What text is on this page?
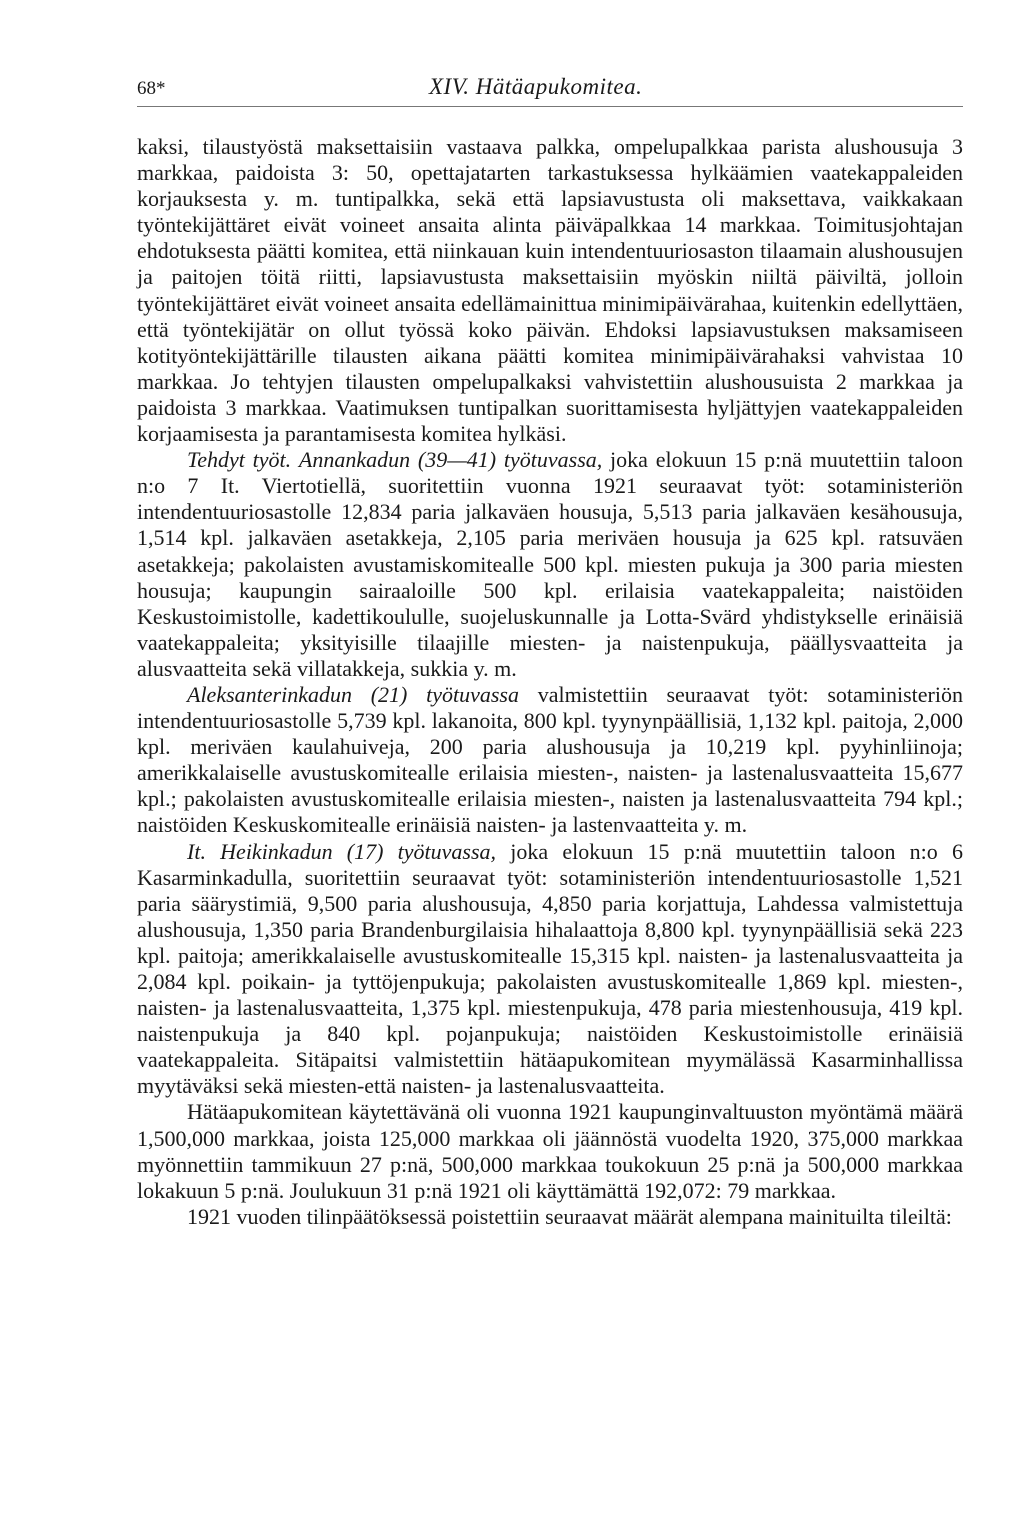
68*	XIV. Hätäapukomitea.

kaksi, tilaustyöstä maksettaisiin vastaava palkka, ompelupalkkaa parista alushousuja 3 markkaa, paidoista 3: 50, opettajatarten tarkastuksessa hylkäämien vaatekappaleiden korjauksesta y. m. tuntipalkka, sekä että lapsiavustusta oli maksettava, vaikkakaan työntekijättäret eivät voineet ansaita alinta päiväpalkkaa 14 markkaa. Toimitusjohtajan ehdotuksesta päätti komitea, että niinkauan kuin intendentuuriosaston tilaamain alushousujen ja paitojen töitä riitti, lapsiavustusta maksettaisiin myöskin niiltä päiviltä, jolloin työntekijättäret eivät voineet ansaita edellämainittua minimipäivärahaa, kuitenkin edellyttäen, että työntekijätär on ollut työssä koko päivän. Ehdoksi lapsiavustuksen maksamiseen kotityöntekijättärille tilausten aikana päätti komitea minimipäivärahaksi vahvistaa 10 markkaa. Jo tehtyjen tilausten ompelupalkaksi vahvistettiin alushousuista 2 markkaa ja paidoista 3 markkaa. Vaatimuksen tuntipalkan suorittamisesta hyljättyjen vaatekappaleiden korjaamisesta ja parantamisesta komitea hylkäsi.

Tehdyt työt. Annankadun (39—41) työtuvassa, joka elokuun 15 p:nä muutettiin taloon n:o 7 It. Viertotiellä, suoritettiin vuonna 1921 seuraavat työt: sotaministeriön intendentuuriosastolle 12,834 paria jalkaväen housuja, 5,513 paria jalkaväen kesähousuja, 1,514 kpl. jalkaväen asetakkeja, 2,105 paria meriväen housuja ja 625 kpl. ratsuväen asetakkeja; pakolaisten avustamiskomitealle 500 kpl. miesten pukuja ja 300 paria miesten housuja; kaupungin sairaaloille 500 kpl. erilaisia vaatekappaleita; naistöiden Keskustoimistolle, kadettikoululle, suojeluskunnalle ja Lotta-Svärd yhdistykselle erinäisiä vaatekappaleita; yksityisille tilaajille miesten- ja naistenpukuja, päällysvaatteita ja alusvaatteita sekä villatakkeja, sukkia y. m.

Aleksanterinkadun (21) työtuvassa valmistettiin seuraavat työt: sotaministeriön intendentuuriosastolle 5,739 kpl. lakanoita, 800 kpl. tyynynpäällisiä, 1,132 kpl. paitoja, 2,000 kpl. meriväen kaulahuiveja, 200 paria alushousuja ja 10,219 kpl. pyyhinliinoja; amerikkalaiselle avustuskomitealle erilaisia miesten-, naisten- ja lastenalusvaatteita 15,677 kpl.; pakolaisten avustuskomitealle erilaisia miesten-, naisten ja lastenalusvaatteita 794 kpl.; naistöiden Keskuskomitealle erinäisiä naisten- ja lastenvaatteita y. m.

It. Heikinkadun (17) työtuvassa, joka elokuun 15 p:nä muutettiin taloon n:o 6 Kasarminkadulla, suoritettiin seuraavat työt: sotaministeriön intendentuuriosastolle 1,521 paria säärystimiä, 9,500 paria alushousuja, 4,850 paria korjattuja, Lahdessa valmistettuja alushousuja, 1,350 paria Brandenburgilaisia hihalaattoja 8,800 kpl. tyynynpäällisiä sekä 223 kpl. paitoja; amerikkalaiselle avustuskomitealle 15,315 kpl. naisten- ja lastenalusvaatteita ja 2,084 kpl. poikain- ja tyttöjenpukuja; pakolaisten avustuskomitealle 1,869 kpl. miesten-, naisten- ja lastenalusvaatteita, 1,375 kpl. miestenpukuja, 478 paria miestenhousuja, 419 kpl. naistenpukuja ja 840 kpl. pojanpukuja; naistöiden Keskustoimistolle erinäisiä vaatekappaleita. Sitäpaitsi valmistettiin hätäapukomitean myymälässä Kasarminhallissa myytäväksi sekä miesten-että naisten- ja lastenalusvaatteita.

Hätäapukomitean käytettävänä oli vuonna 1921 kaupunginvaltuuston myöntämä määrä 1,500,000 markkaa, joista 125,000 markkaa oli jäännöstä vuodelta 1920, 375,000 markkaa myönnettiin tammikuun 27 p:nä, 500,000 markkaa toukokuun 25 p:nä ja 500,000 markkaa lokakuun 5 p:nä. Joulukuun 31 p:nä 1921 oli käyttämättä 192,072: 79 markkaa.

1921 vuoden tilinpäätöksessä poistettiin seuraavat määrät alempana mainituilta tileiltä:
